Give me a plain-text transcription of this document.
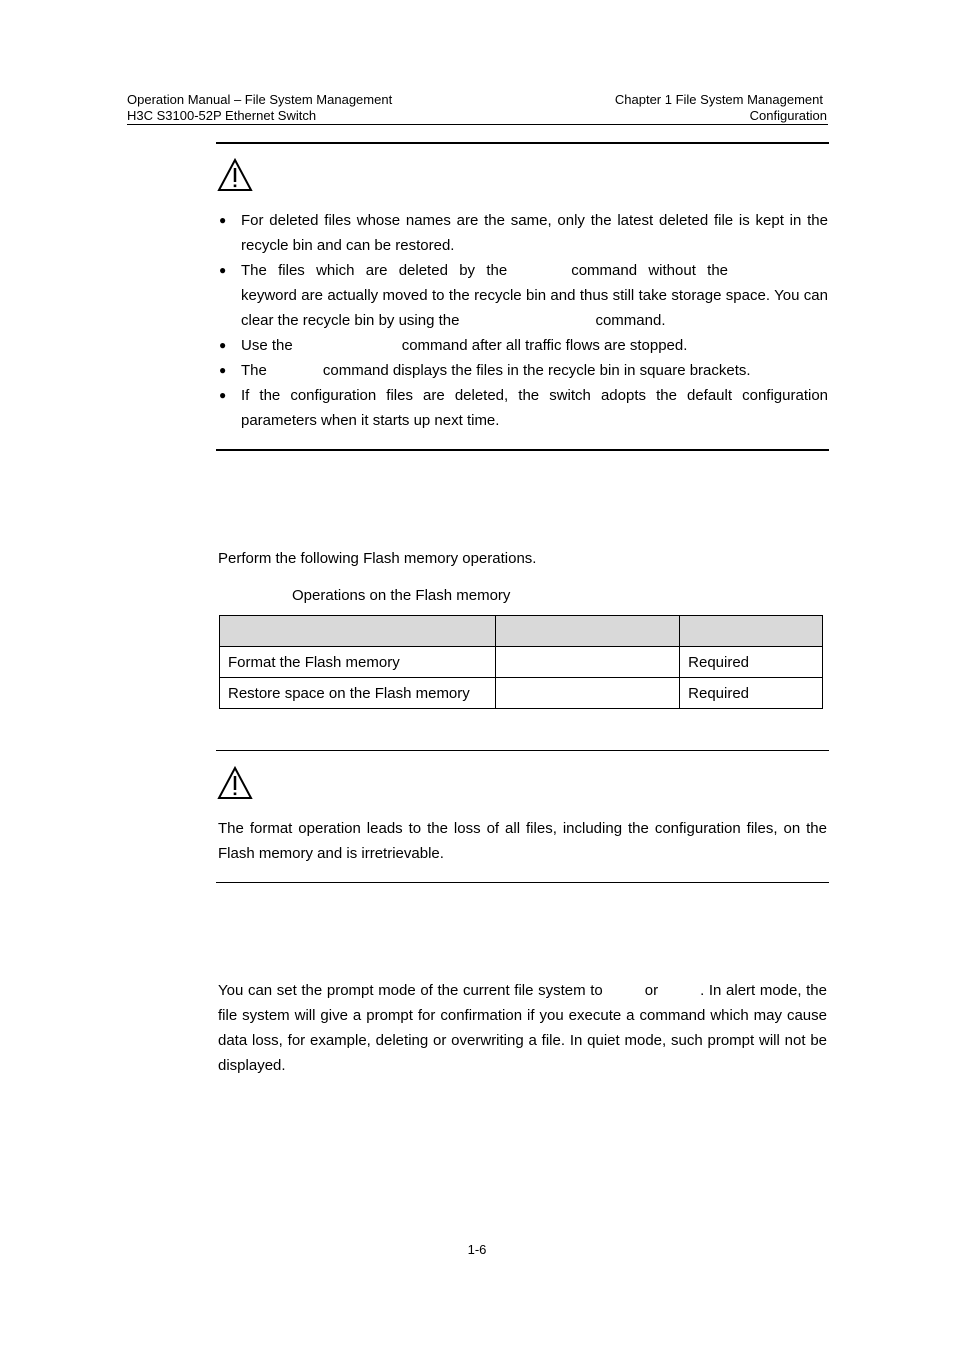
Operation Manual – File System Management
H3C S3100-52P Ethernet Switch
Chapter 1 File System Management
Configuration
● For deleted files whose names are the same, only the latest deleted file is kept in the recycle bin and can be restored.
● The files which are deleted by the	command without the keyword are actually moved to the recycle bin and thus still take storage space. You can clear the recycle bin by using the	command.
● Use the	command after all traffic flows are stopped.
● The	command displays the files in the recycle bin in square brackets.
● If the configuration files are deleted, the switch adopts the default configuration parameters when it starts up next time.
Perform the following Flash memory operations.
Operations on the Flash memory

Format the Flash memory		Required
Restore space on the Flash memory		Required
The format operation leads to the loss of all files, including the configuration files, on the Flash memory and is irretrievable.
You can set the prompt mode of the current file system to	or	. In alert mode, the file system will give a prompt for confirmation if you execute a command which may cause data loss, for example, deleting or overwriting a file. In quiet mode, such prompt will not be displayed.
1-6
